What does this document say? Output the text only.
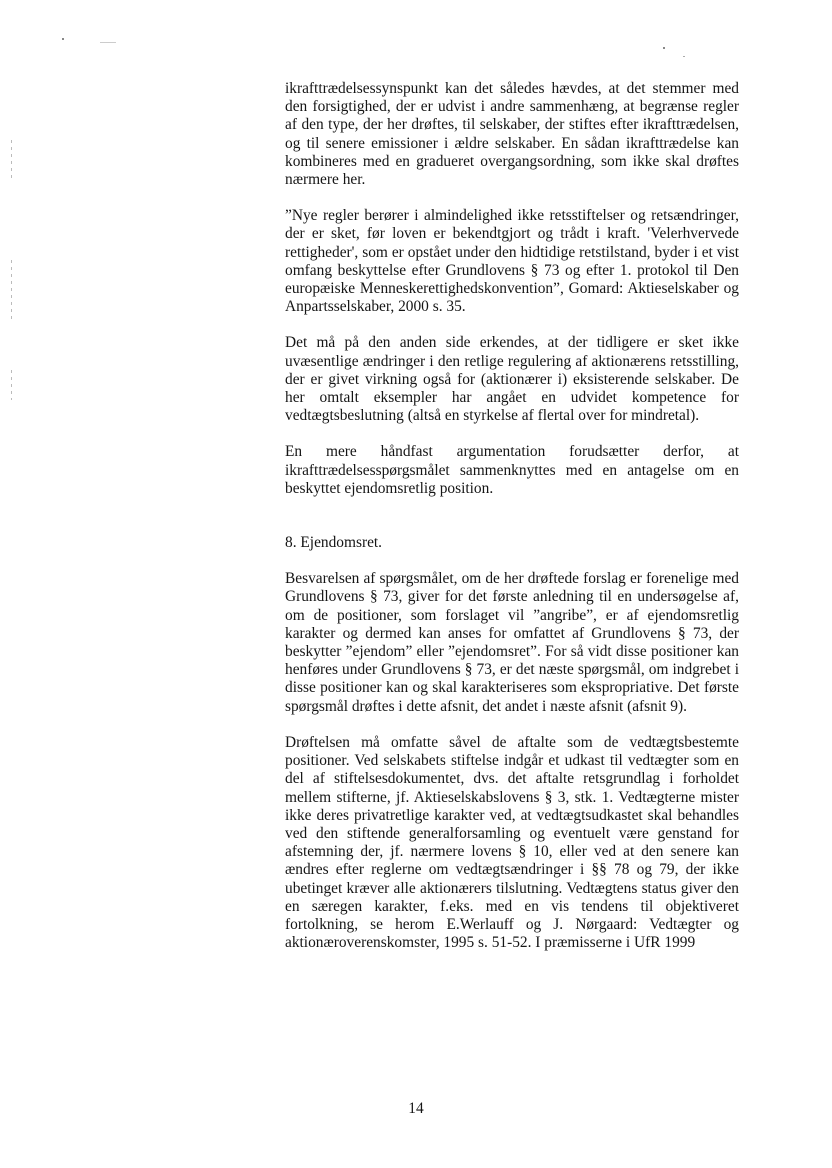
ikrafttrædelsessynspunkt kan det således hævdes, at det stemmer med den forsigtighed, der er udvist i andre sammenhæng, at begrænse regler af den type, der her drøftes, til selskaber, der stiftes efter ikrafttrædelsen, og til senere emissioner i ældre selskaber. En sådan ikrafttrædelse kan kombineres med en gradueret overgangsordning, som ikke skal drøftes nærmere her.

”Nye regler berører i almindelighed ikke retsstiftelser og retsændringer, der er sket, før loven er bekendtgjort og trådt i kraft. 'Velerhvervede rettigheder', som er opstået under den hidtidige retstilstand, byder i et vist omfang beskyttelse efter Grundlovens § 73 og efter 1. protokol til Den europæiske Menneskerettighedskonvention”, Gomard: Aktieselskaber og Anpartsselskaber, 2000 s. 35.

Det må på den anden side erkendes, at der tidligere er sket ikke uvæsentlige ændringer i den retlige regulering af aktionærens retsstilling, der er givet virkning også for (aktionærer i) eksisterende selskaber. De her omtalt eksempler har angået en udvidet kompetence for vedtægtsbeslutning (altså en styrkelse af flertal over for mindretal).

En mere håndfast argumentation forudsætter derfor, at ikrafttrædelsesspørgsmålet sammenknyttes med en antagelse om en beskyttet ejendomsretlig position.

8. Ejendomsret.

Besvarelsen af spørgsmålet, om de her drøftede forslag er forenelige med Grundlovens § 73, giver for det første anledning til en undersøgelse af, om de positioner, som forslaget vil ”angribe”, er af ejendomsretlig karakter og dermed kan anses for omfattet af Grundlovens § 73, der beskytter ”ejendom” eller ”ejendomsret”. For så vidt disse positioner kan henføres under Grundlovens § 73, er det næste spørgsmål, om indgrebet i disse positioner kan og skal karakteriseres som ekspropriative. Det første spørgsmål drøftes i dette afsnit, det andet i næste afsnit (afsnit 9).

Drøftelsen må omfatte såvel de aftalte som de vedtægtsbestemte positioner. Ved selskabets stiftelse indgår et udkast til vedtægter som en del af stiftelsesdokumentet, dvs. det aftalte retsgrundlag i forholdet mellem stifterne, jf. Aktieselskabslovens § 3, stk. 1. Vedtægterne mister ikke deres privatretlige karakter ved, at vedtægtsudkastet skal behandles ved den stiftende generalforsamling og eventuelt være genstand for afstemning der, jf. nærmere lovens § 10, eller ved at den senere kan ændres efter reglerne om vedtægtsændringer i §§ 78 og 79, der ikke ubetinget kræver alle aktionærers tilslutning. Vedtægtens status giver den en særegen karakter, f.eks. med en vis tendens til objektiveret fortolkning, se herom E.Werlauff og J. Nørgaard: Vedtægter og aktionæroverenskomster, 1995 s. 51-52. I præmisserne i UfR 1999

14
